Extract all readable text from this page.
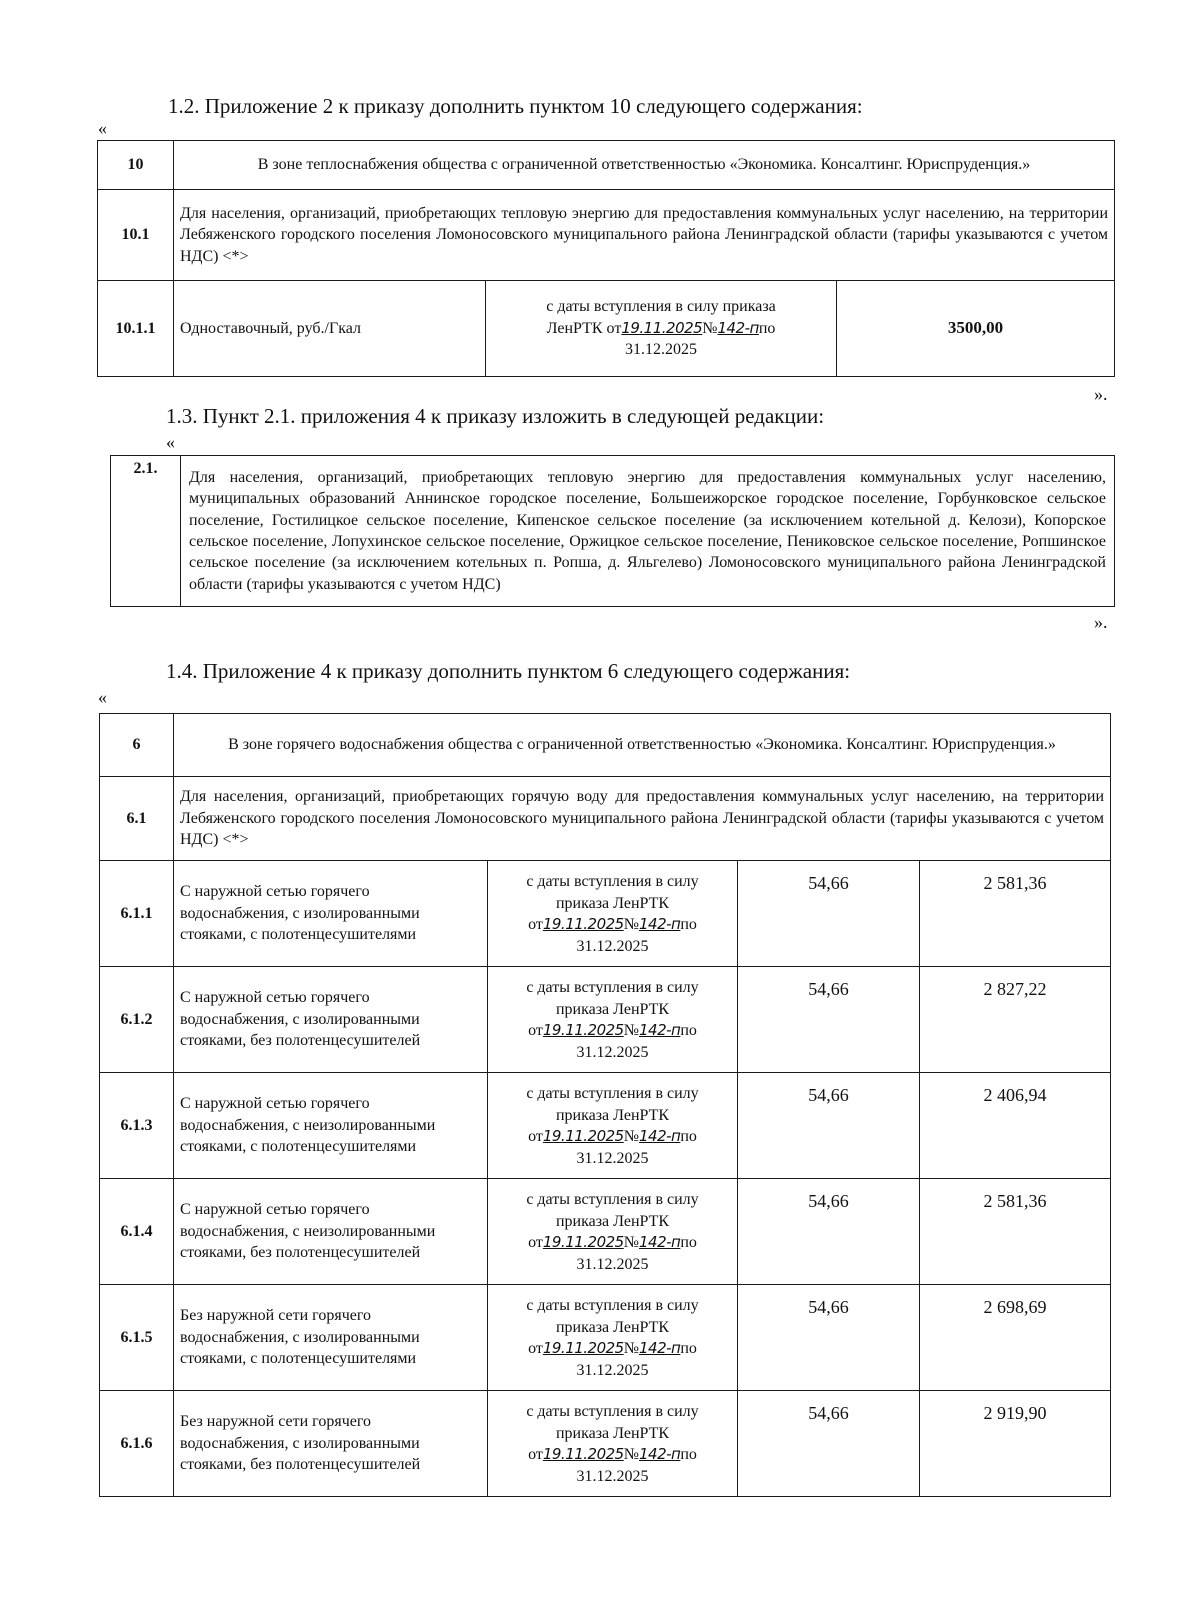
1.2. Приложение 2 к приказу дополнить пунктом 10 следующего содержания:
«
10	В зоне теплоснабжения общества с ограниченной ответственностью «Экономика. Консалтинг. Юриспруденция.»		
10.1	Для населения, организаций, приобретающих тепловую энергию для предоставления коммунальных услуг населению, на территории Лебяженского городского поселения Ломоносовского муниципального района Ленинградской области (тарифы указываются с учетом НДС) <*>		
10.1.1	Одноставочный, руб./Гкал	с даты вступления в силу приказа
ЛенРТК от19.11.2025№142-ппо
31.12.2025	3500,00
».
1.3. Пункт 2.1. приложения 4 к приказу изложить в следующей редакции:
«
2.1.	Для населения, организаций, приобретающих тепловую энергию для предоставления коммунальных услуг населению, муниципальных образований Аннинское городское поселение, Большеижорское городское поселение, Горбунковское сельское поселение, Гостилицкое сельское поселение, Кипенское сельское поселение (за исключением котельной д. Келози), Копорское сельское поселение, Лопухинское сельское поселение, Оржицкое сельское поселение, Пениковское сельское поселение, Ропшинское сельское поселение (за исключением котельных п. Ропша, д. Яльгелево) Ломоносовского муниципального района Ленинградской области (тарифы указываются с учетом НДС)
».
1.4. Приложение 4 к приказу дополнить пунктом 6 следующего содержания:
«
6	В зоне горячего водоснабжения общества с ограниченной ответственностью «Экономика. Консалтинг. Юриспруденция.»			
6.1	Для населения, организаций, приобретающих горячую воду для предоставления коммунальных услуг населению, на территории Лебяженского городского поселения Ломоносовского муниципального района Ленинградской области (тарифы указываются с учетом НДС) <*>			
6.1.1	С наружной сетью горячего водоснабжения, с изолированными стояками, с полотенцесушителями	с даты вступления в силу
приказа ЛенРТК
от19.11.2025№142-ппо
31.12.2025	54,66	2 581,36
6.1.2	С наружной сетью горячего водоснабжения, с изолированными стояками, без полотенцесушителей	с даты вступления в силу
приказа ЛенРТК
от19.11.2025№142-ппо
31.12.2025	54,66	2 827,22
6.1.3	С наружной сетью горячего водоснабжения, с неизолированными стояками, с полотенцесушителями	с даты вступления в силу
приказа ЛенРТК
от19.11.2025№142-ппо
31.12.2025	54,66	2 406,94
6.1.4	С наружной сетью горячего водоснабжения, с неизолированными стояками, без полотенцесушителей	с даты вступления в силу
приказа ЛенРТК
от19.11.2025№142-ппо
31.12.2025	54,66	2 581,36
6.1.5	Без наружной сети горячего водоснабжения, с изолированными стояками, с полотенцесушителями	с даты вступления в силу
приказа ЛенРТК
от19.11.2025№142-ппо
31.12.2025	54,66	2 698,69
6.1.6	Без наружной сети горячего водоснабжения, с изолированными стояками, без полотенцесушителей	с даты вступления в силу
приказа ЛенРТК
от19.11.2025№142-ппо
31.12.2025	54,66	2 919,90
